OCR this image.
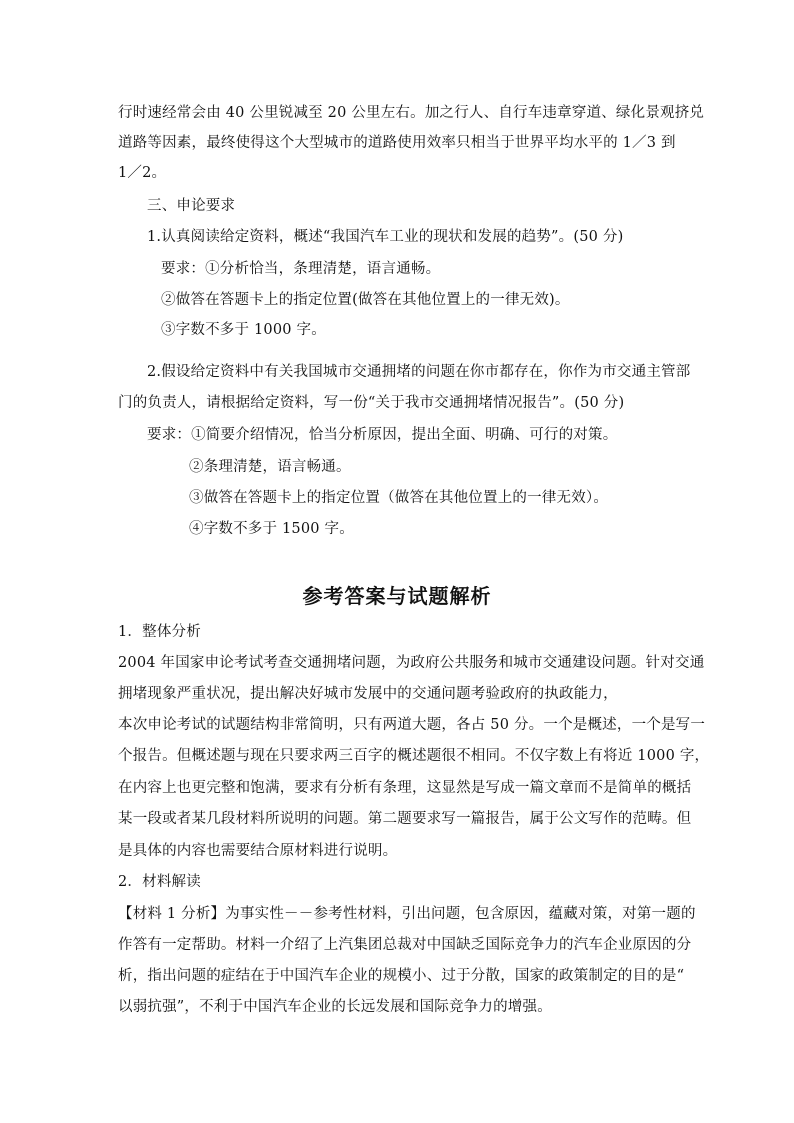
行时速经常会由 40 公里锐减至 20 公里左右。加之行人、自行车违章穿道、绿化景观挤兑
道路等因素，最终使得这个大型城市的道路使用效率只相当于世界平均水平的 1／3 到
1／2。
三、申论要求
1.认真阅读给定资料，概述“我国汽车工业的现状和发展的趋势”。(50 分)
要求：①分析恰当，条理清楚，语言通畅。
②做答在答题卡上的指定位置(做答在其他位置上的一律无效)。
③字数不多于 1000 字。
2.假设给定资料中有关我国城市交通拥堵的问题在你市都存在，你作为市交通主管部
门的负责人，请根据给定资料，写一份“关于我市交通拥堵情况报告”。(50 分)
要求：①简要介绍情况，恰当分析原因，提出全面、明确、可行的对策。
②条理清楚，语言畅通。
③做答在答题卡上的指定位置（做答在其他位置上的一律无效）。
④字数不多于 1500 字。
参考答案与试题解析
1．整体分析
2004 年国家申论考试考查交通拥堵问题，为政府公共服务和城市交通建设问题。针对交通
拥堵现象严重状况，提出解决好城市发展中的交通问题考验政府的执政能力，
本次申论考试的试题结构非常简明，只有两道大题，各占 50 分。一个是概述，一个是写一
个报告。但概述题与现在只要求两三百字的概述题很不相同。不仅字数上有将近 1000 字，
在内容上也更完整和饱满，要求有分析有条理，这显然是写成一篇文章而不是简单的概括
某一段或者某几段材料所说明的问题。第二题要求写一篇报告，属于公文写作的范畴。但
是具体的内容也需要结合原材料进行说明。
2．材料解读
【材料 1 分析】为事实性－－参考性材料，引出问题，包含原因，蕴藏对策，对第一题的
作答有一定帮助。材料一介绍了上汽集团总裁对中国缺乏国际竞争力的汽车企业原因的分
析，指出问题的症结在于中国汽车企业的规模小、过于分散，国家的政策制定的目的是“
以弱抗强”，不利于中国汽车企业的长远发展和国际竞争力的增强。
